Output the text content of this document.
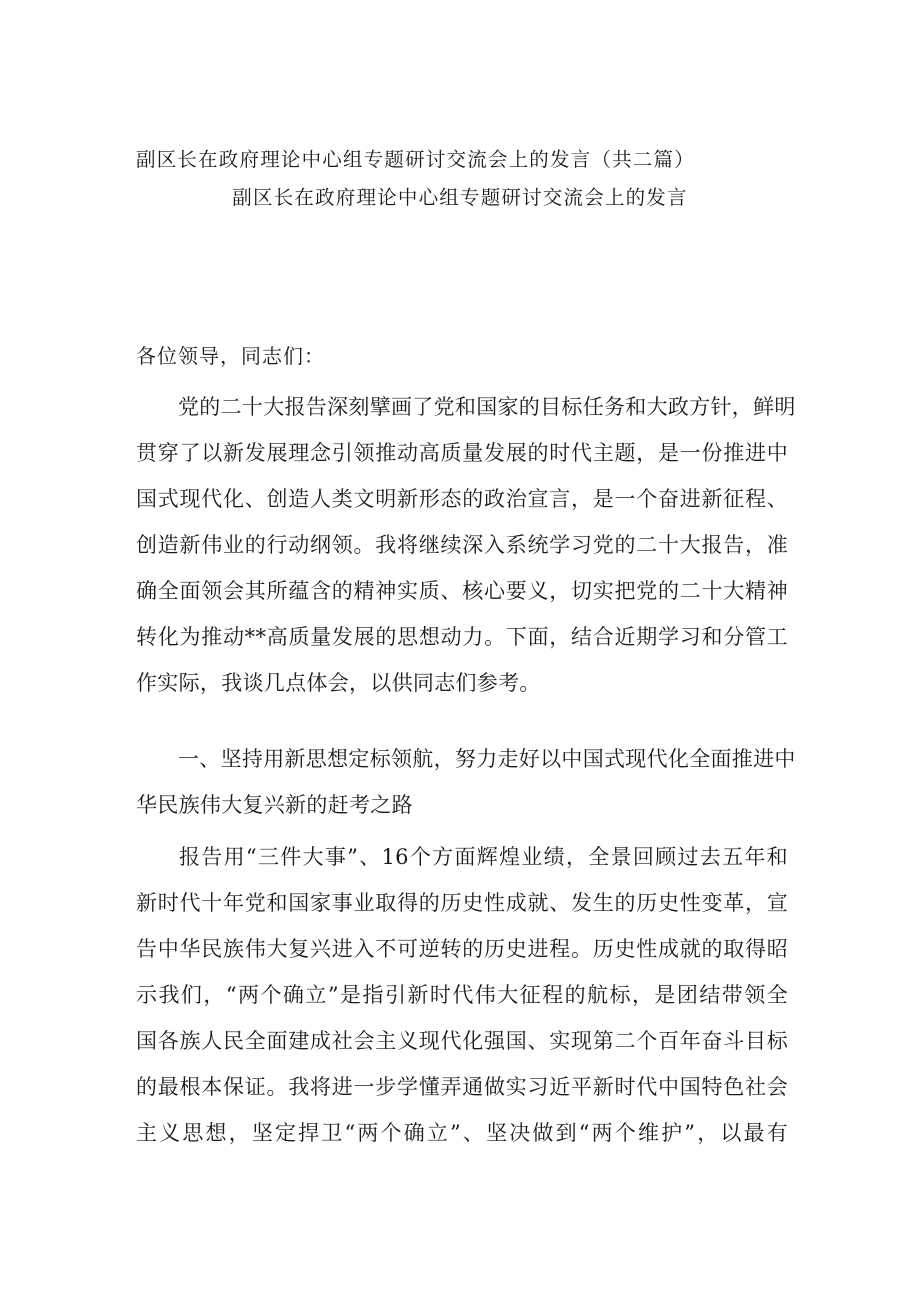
副区长在政府理论中心组专题研讨交流会上的发言（共二篇）
副区长在政府理论中心组专题研讨交流会上的发言
各位领导，同志们：
党的二十大报告深刻擘画了党和国家的目标任务和大政方针，鲜明
贯穿了以新发展理念引领推动高质量发展的时代主题，是一份推进中
国式现代化、创造人类文明新形态的政治宣言，是一个奋进新征程、
创造新伟业的行动纲领。我将继续深入系统学习党的二十大报告，准
确全面领会其所蕴含的精神实质、核心要义，切实把党的二十大精神
转化为推动**高质量发展的思想动力。下面，结合近期学习和分管工
作实际，我谈几点体会，以供同志们参考。
一、坚持用新思想定标领航，努力走好以中国式现代化全面推进中
华民族伟大复兴新的赶考之路
报告用“三件大事”、16个方面辉煌业绩，全景回顾过去五年和
新时代十年党和国家事业取得的历史性成就、发生的历史性变革，宣
告中华民族伟大复兴进入不可逆转的历史进程。历史性成就的取得昭
示我们，“两个确立”是指引新时代伟大征程的航标，是团结带领全
国各族人民全面建成社会主义现代化强国、实现第二个百年奋斗目标
的最根本保证。我将进一步学懂弄通做实习近平新时代中国特色社会
主义思想，坚定捍卫“两个确立”、坚决做到“两个维护”，以最有
